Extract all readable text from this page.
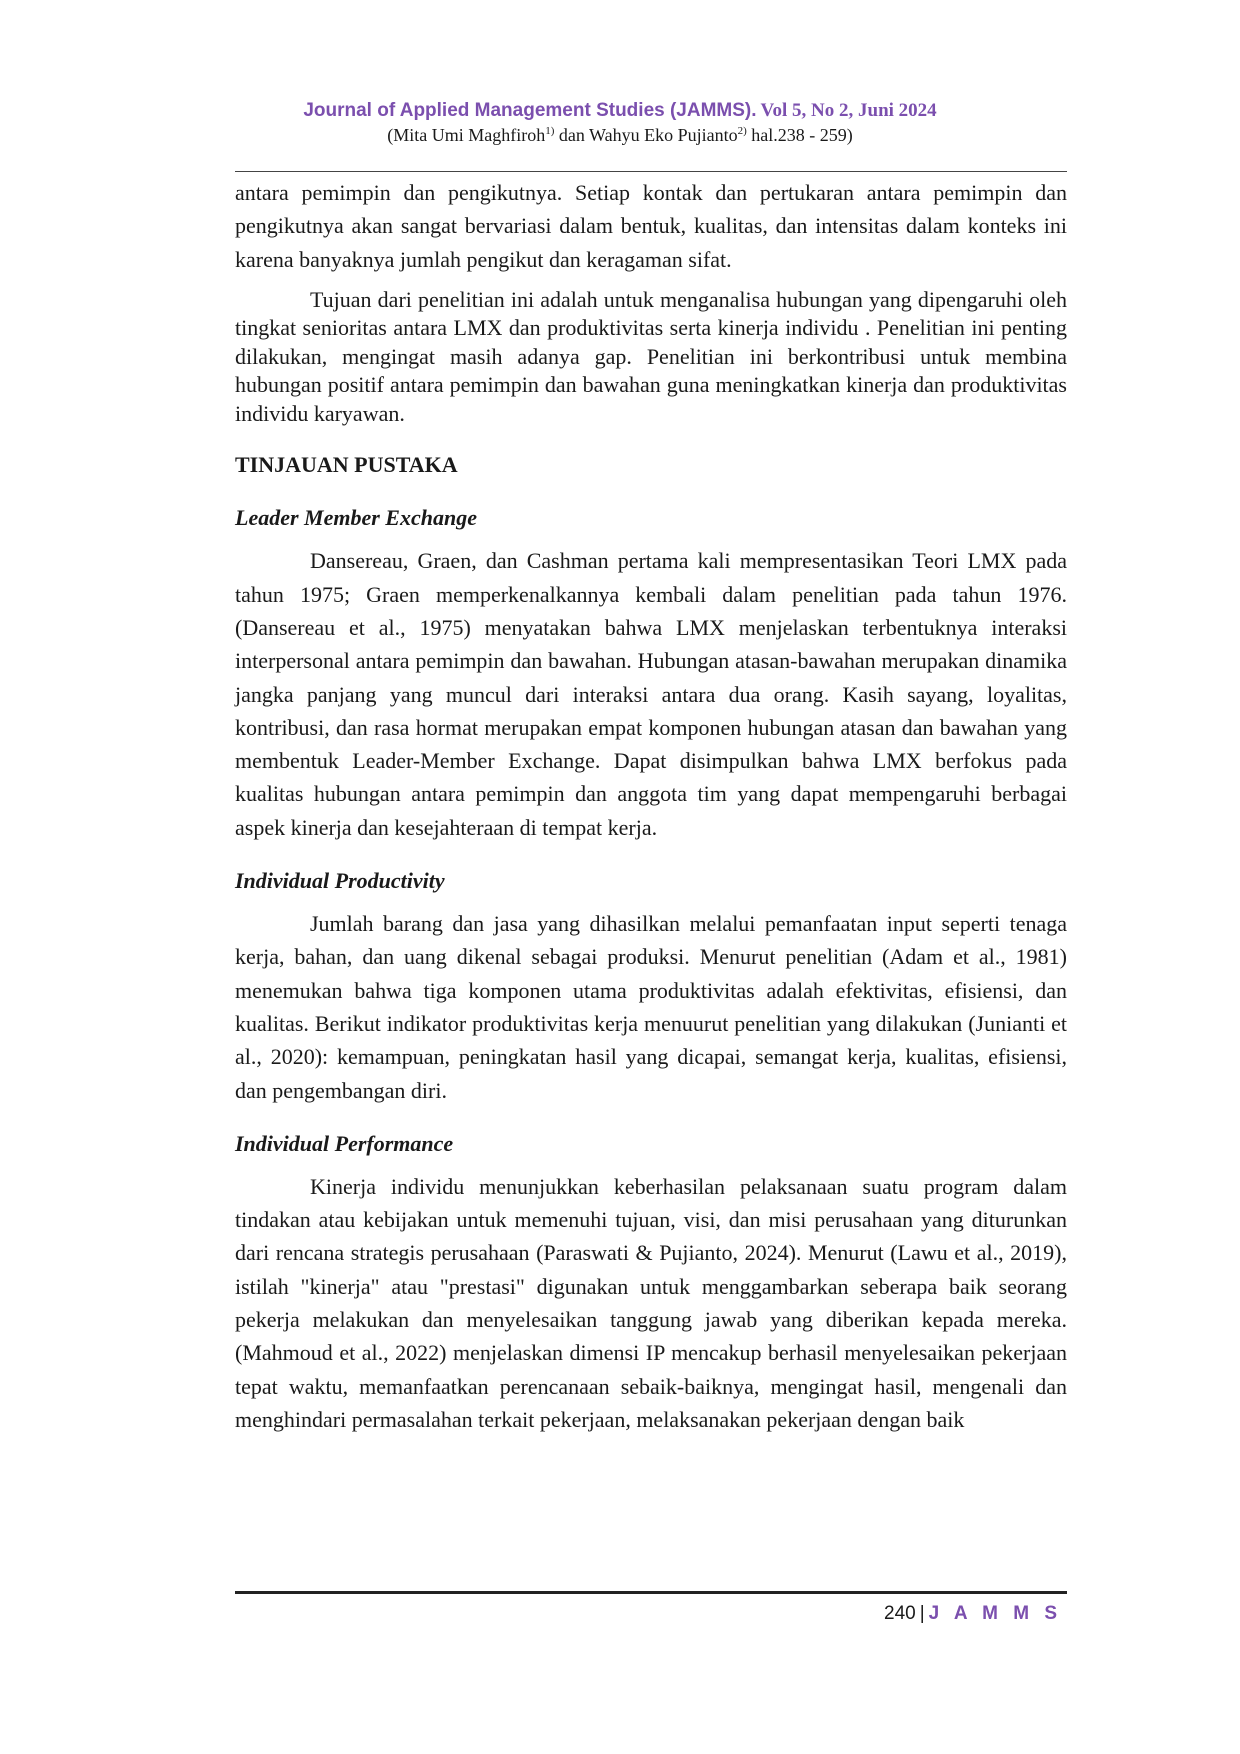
Journal of Applied Management Studies (JAMMS). Vol 5, No 2, Juni 2024
(Mita Umi Maghfiroh$^{1)}$ dan Wahyu Eko Pujianto$^{2)}$ hal.238 - 259)

antara pemimpin dan pengikutnya. Setiap kontak dan pertukaran antara pemimpin dan pengikutnya akan sangat bervariasi dalam bentuk, kualitas, dan intensitas dalam konteks ini karena banyaknya jumlah pengikut dan keragaman sifat.

Tujuan dari penelitian ini adalah untuk menganalisa hubungan yang dipengaruhi oleh tingkat senioritas antara LMX dan produktivitas serta kinerja individu . Penelitian ini penting dilakukan, mengingat masih adanya gap. Penelitian ini berkontribusi untuk membina hubungan positif antara pemimpin dan bawahan guna meningkatkan kinerja dan produktivitas individu karyawan.

TINJAUAN PUSTAKA
Leader Member Exchange

Dansereau, Graen, dan Cashman pertama kali mempresentasikan Teori LMX pada tahun 1975; Graen memperkenalkannya kembali dalam penelitian pada tahun 1976. (Dansereau et al., 1975) menyatakan bahwa LMX menjelaskan terbentuknya interaksi interpersonal antara pemimpin dan bawahan. Hubungan atasan-bawahan merupakan dinamika jangka panjang yang muncul dari interaksi antara dua orang. Kasih sayang, loyalitas, kontribusi, dan rasa hormat merupakan empat komponen hubungan atasan dan bawahan yang membentuk Leader-Member Exchange. Dapat disimpulkan bahwa LMX berfokus pada kualitas hubungan antara pemimpin dan anggota tim yang dapat mempengaruhi berbagai aspek kinerja dan kesejahteraan di tempat kerja.

Individual Productivity

Jumlah barang dan jasa yang dihasilkan melalui pemanfaatan input seperti tenaga kerja, bahan, dan uang dikenal sebagai produksi. Menurut penelitian (Adam et al., 1981) menemukan bahwa tiga komponen utama produktivitas adalah efektivitas, efisiensi, dan kualitas. Berikut indikator produktivitas kerja menuurut penelitian yang dilakukan (Junianti et al., 2020): kemampuan, peningkatan hasil yang dicapai, semangat kerja, kualitas, efisiensi, dan pengembangan diri.

Individual Performance

Kinerja individu menunjukkan keberhasilan pelaksanaan suatu program dalam tindakan atau kebijakan untuk memenuhi tujuan, visi, dan misi perusahaan yang diturunkan dari rencana strategis perusahaan (Paraswati & Pujianto, 2024). Menurut (Lawu et al., 2019), istilah "kinerja" atau "prestasi" digunakan untuk menggambarkan seberapa baik seorang pekerja melakukan dan menyelesaikan tanggung jawab yang diberikan kepada mereka. (Mahmoud et al., 2022) menjelaskan dimensi IP mencakup berhasil menyelesaikan pekerjaan tepat waktu, memanfaatkan perencanaan sebaik-baiknya, mengingat hasil, mengenali dan menghindari permasalahan terkait pekerjaan, melaksanakan pekerjaan dengan baik

240 | J A M M S
